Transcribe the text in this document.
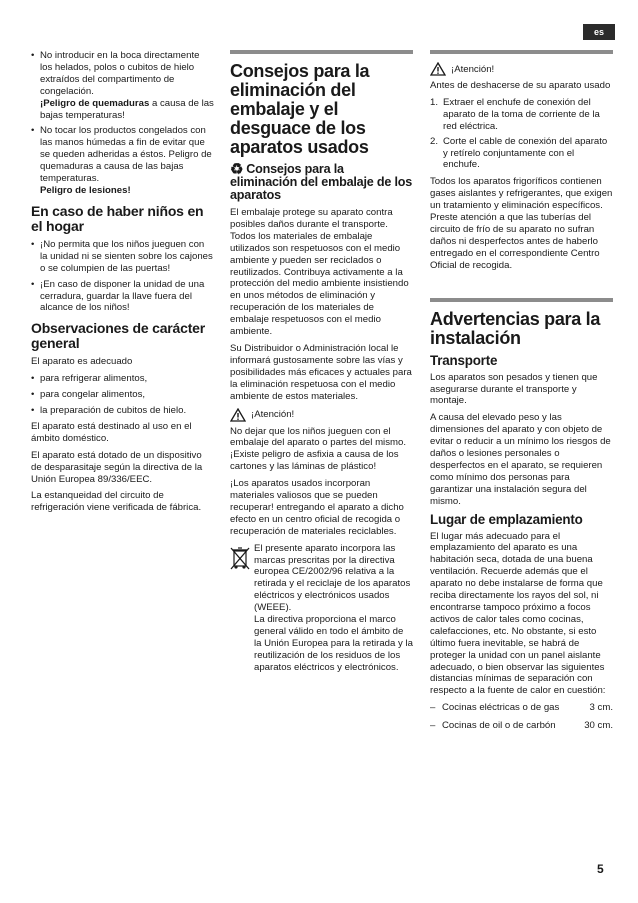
es
• No introducir en la boca directamente los helados, polos o cubitos de hielo extraídos del compartimento de congelación.
¡Peligro de quemaduras a causa de las bajas temperaturas!
• No tocar los productos congelados con las manos húmedas a fin de evitar que se queden adheridas a éstos. Peligro de quemaduras a causa de las bajas temperaturas.
Peligro de lesiones!
En caso de haber niños en el hogar
• ¡No permita que los niños jueguen con la unidad ni se sienten sobre los cajones o se columpien de las puertas!
• ¡En caso de disponer la unidad de una cerradura, guardar la llave fuera del alcance de los niños!
Observaciones de carácter general

El aparato es adecuado

• para refrigerar alimentos,
• para congelar alimentos,
• la preparación de cubitos de hielo.

El aparato está destinado al uso en el ámbito doméstico.

El aparato está dotado de un dispositivo de desparasitaje según la directiva de la Unión Europea 89/336/EEC.

La estanqueidad del circuito de refrigeración viene verificada de fábrica.

Consejos para la eliminación del embalaje y el desguace de los aparatos usados
♻ Consejos para la eliminación del embalaje de los aparatos

El embalaje protege su aparato contra posibles daños durante el transporte. Todos los materiales de embalaje utilizados son respetuosos con el medio ambiente y pueden ser reciclados o reutilizados. Contribuya activamente a la protección del medio ambiente insistiendo en unos métodos de eliminación y recuperación de los materiales de embalaje respetuosos con el medio ambiente.

Su Distribuidor o Administración local le informará gustosamente sobre las vías y posibilidades más eficaces y actuales para la eliminación respetuosa con el medio ambiente de estos materiales.

¡Atención!

No dejar que los niños jueguen con el embalaje del aparato o partes del mismo. ¡Existe peligro de asfixia a causa de los cartones y las láminas de plástico!

¡Los aparatos usados incorporan materiales valiosos que se pueden recuperar! entregando el aparato a dicho efecto en un centro oficial de recogida o recuperación de materiales reciclables.

El presente aparato incorpora las marcas prescritas por la directiva europea CE/2002/96 relativa a la retirada y el reciclaje de los aparatos eléctricos y electrónicos usados (WEEE).

La directiva proporciona el marco general válido en todo el ámbito de la Unión Europea para la retirada y la reutilización de los residuos de los aparatos eléctricos y electrónicos.

¡Atención!

Antes de deshacerse de su aparato usado

1. Extraer el enchufe de conexión del aparato de la toma de corriente de la red eléctrica.
2. Corte el cable de conexión del aparato y retírelo conjuntamente con el enchufe.

Todos los aparatos frigoríficos contienen gases aislantes y refrigerantes, que exigen un tratamiento y eliminación específicos. Preste atención a que las tuberías del circuito de frío de su aparato no sufran daños ni desperfectos antes de haberlo entregado en el correspondiente Centro Oficial de recogida.

Advertencias para la instalación
Transporte

Los aparatos son pesados y tienen que asegurarse durante el transporte y montaje.

A causa del elevado peso y las dimensiones del aparato y con objeto de evitar o reducir a un mínimo los riesgos de daños o lesiones personales o desperfectos en el aparato, se requieren como mínimo dos personas para garantizar una instalación segura del mismo.

Lugar de emplazamiento

El lugar más adecuado para el emplazamiento del aparato es una habitación seca, dotada de una buena ventilación. Recuerde además que el aparato no debe instalarse de forma que reciba directamente los rayos del sol, ni encontrarse tampoco próximo a focos activos de calor tales como cocinas, calefacciones, etc. No obstante, si esto último fuera inevitable, se habrá de proteger la unidad con un panel aislante adecuado, o bien observar las siguientes distancias mínimas de separación con respecto a la fuente de calor en cuestión:

– Cocinas eléctricas o de gas	3 cm.
– Cocinas de oil o de carbón	30 cm.
5
